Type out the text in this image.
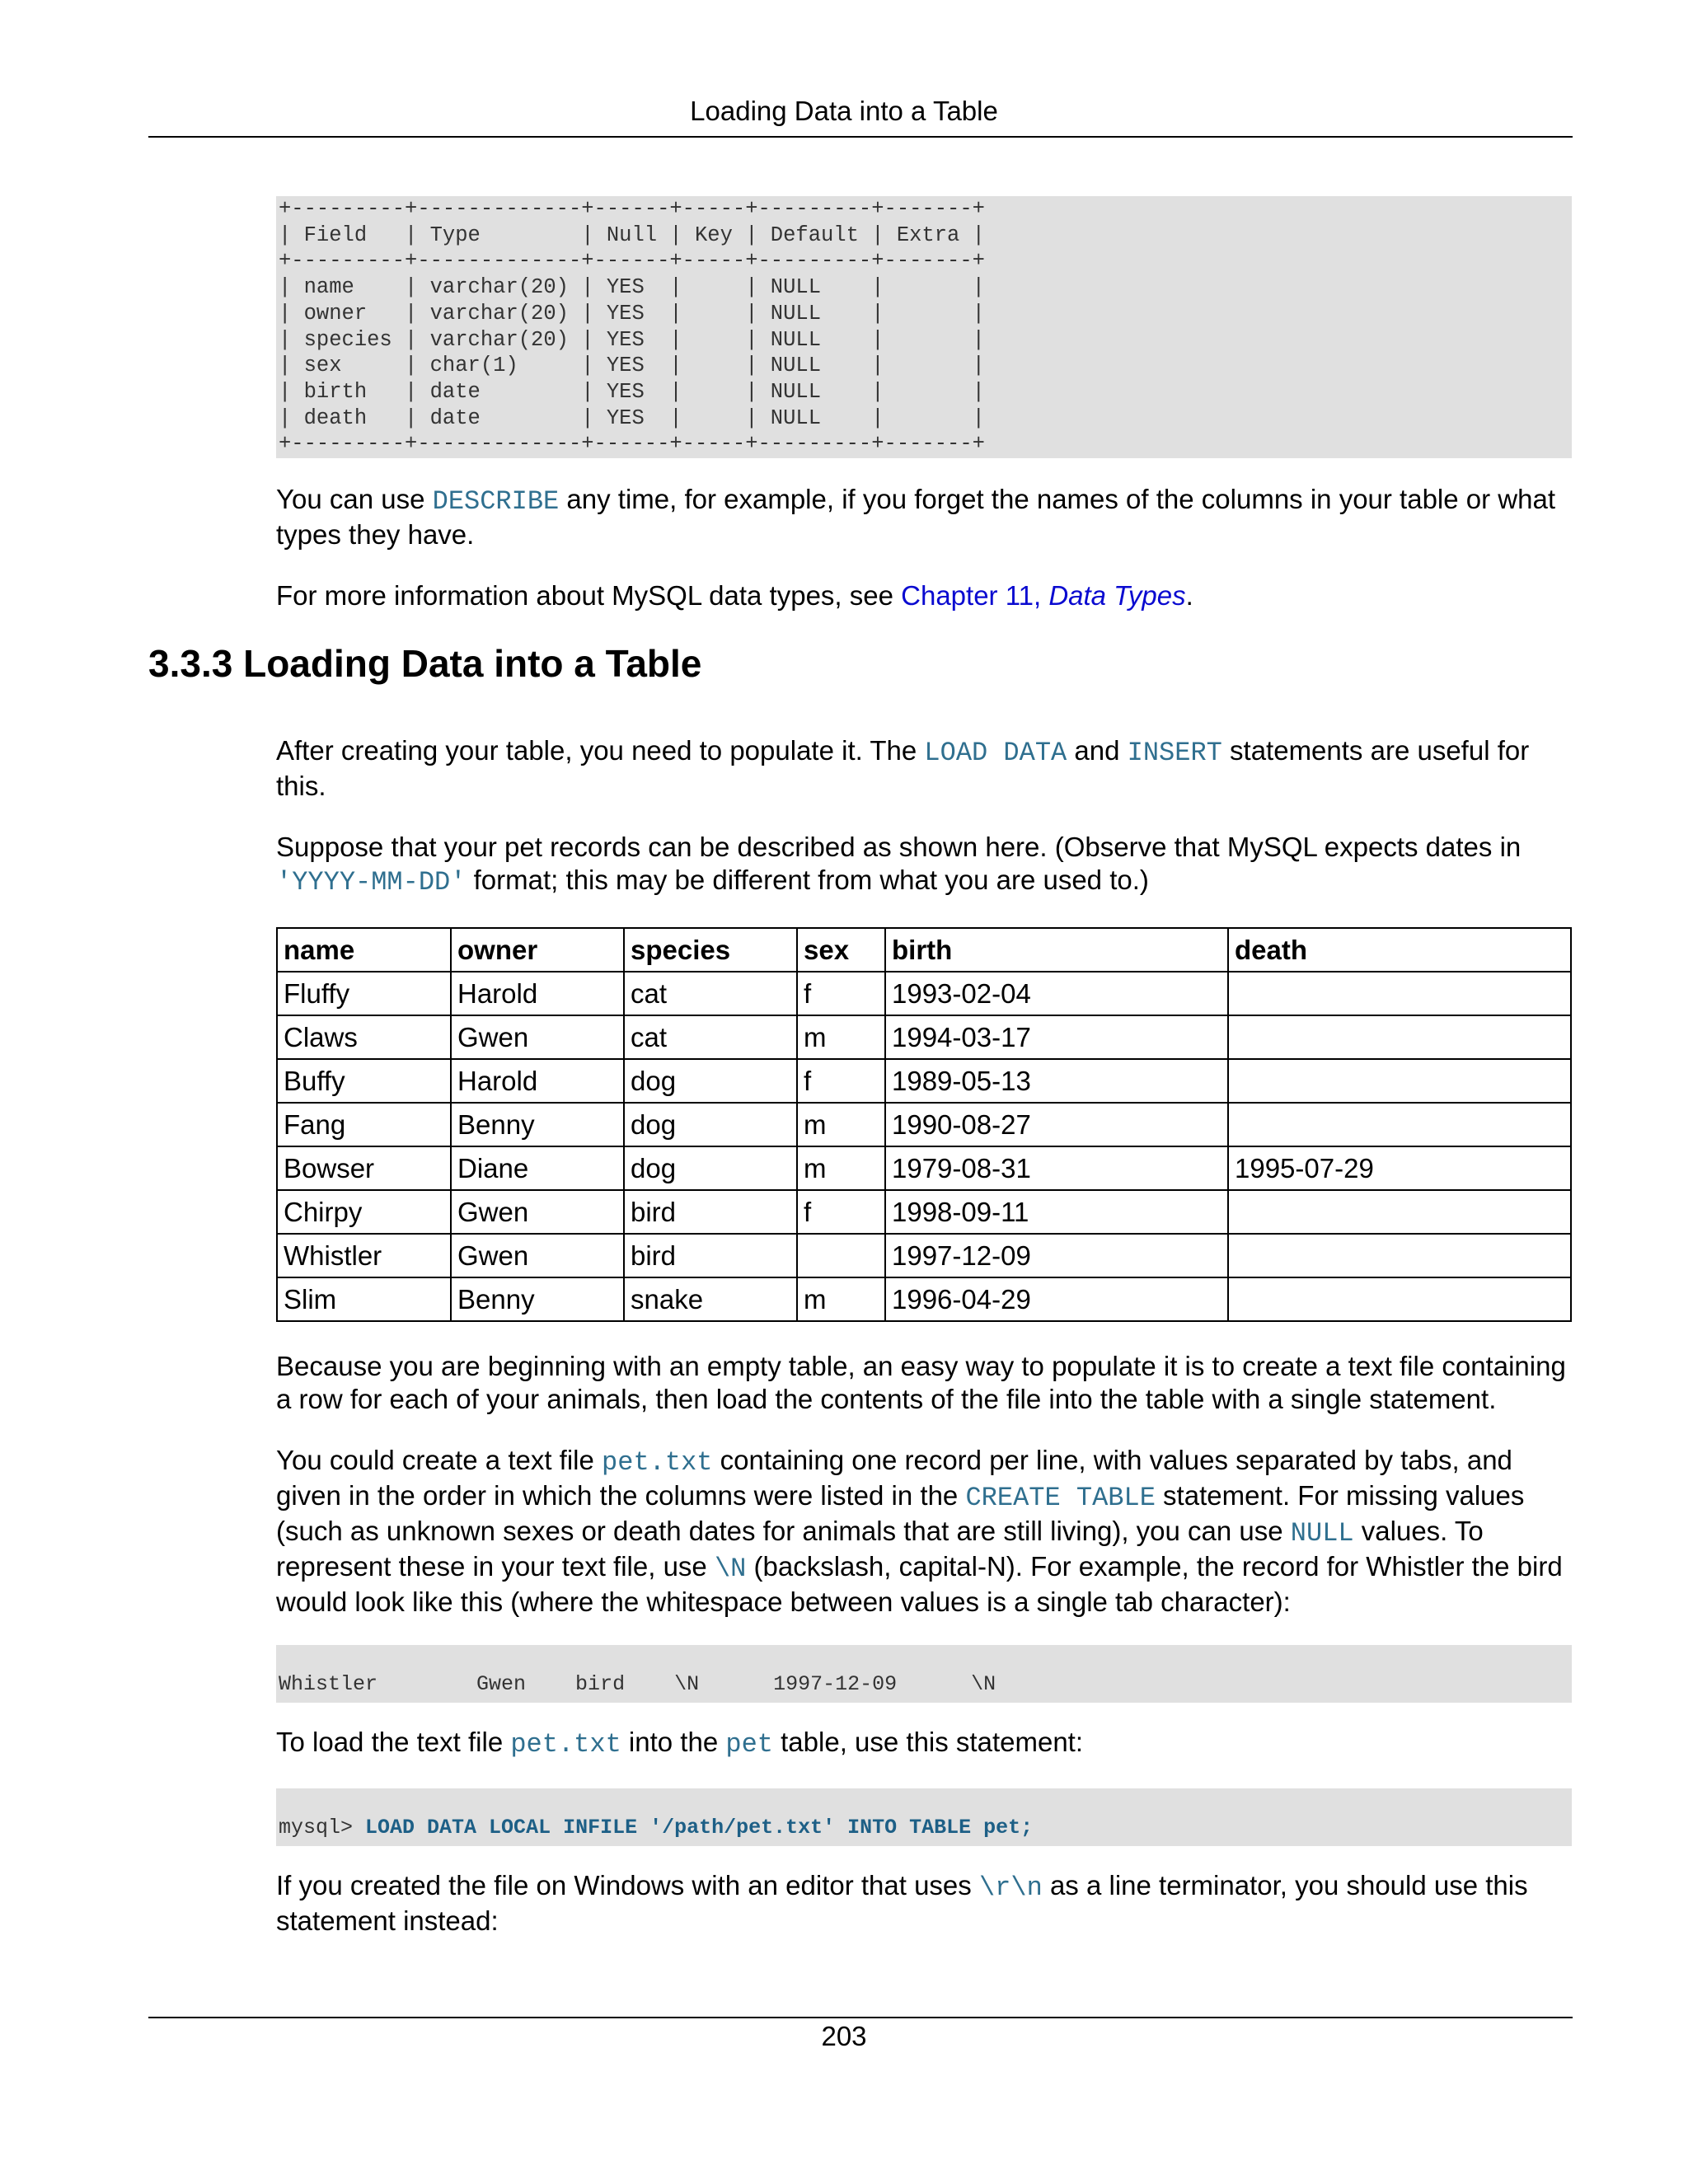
Loading Data into a Table
3.3.3 Loading Data into a Table
+---------+-------------+------+-----+---------+-------+
| Field   | Type        | Null | Key | Default | Extra |
+---------+-------------+------+-----+---------+-------+
| name    | varchar(20) | YES  |     | NULL    |       |
| owner   | varchar(20) | YES  |     | NULL    |       |
| species | varchar(20) | YES  |     | NULL    |       |
| sex     | char(1)     | YES  |     | NULL    |       |
| birth   | date        | YES  |     | NULL    |       |
| death   | date        | YES  |     | NULL    |       |
+---------+-------------+------+-----+---------+-------+

You can use DESCRIBE any time, for example, if you forget the names of the columns in your table or what types they have.

For more information about MySQL data types, see Chapter 11, Data Types.

After creating your table, you need to populate it. The LOAD DATA and INSERT statements are useful for this.

Suppose that your pet records can be described as shown here. (Observe that MySQL expects dates in 'YYYY-MM-DD' format; this may be different from what you are used to.)

name	owner	species	sex	birth	death
Fluffy	Harold	cat	f	1993-02-04	
Claws	Gwen	cat	m	1994-03-17	
Buffy	Harold	dog	f	1989-05-13	
Fang	Benny	dog	m	1990-08-27	
Bowser	Diane	dog	m	1979-08-31	1995-07-29
Chirpy	Gwen	bird	f	1998-09-11	
Whistler	Gwen	bird		1997-12-09	
Slim	Benny	snake	m	1996-04-29	

Because you are beginning with an empty table, an easy way to populate it is to create a text file containing a row for each of your animals, then load the contents of the file into the table with a single statement.

You could create a text file pet.txt containing one record per line, with values separated by tabs, and given in the order in which the columns were listed in the CREATE TABLE statement. For missing values (such as unknown sexes or death dates for animals that are still living), you can use NULL values. To represent these in your text file, use \N (backslash, capital-N). For example, the record for Whistler the bird would look like this (where the whitespace between values is a single tab character):

Whistler        Gwen    bird    \N      1997-12-09      \N

To load the text file pet.txt into the pet table, use this statement:

mysql> LOAD DATA LOCAL INFILE '/path/pet.txt' INTO TABLE pet;

If you created the file on Windows with an editor that uses \r\n as a line terminator, you should use this statement instead:

203
